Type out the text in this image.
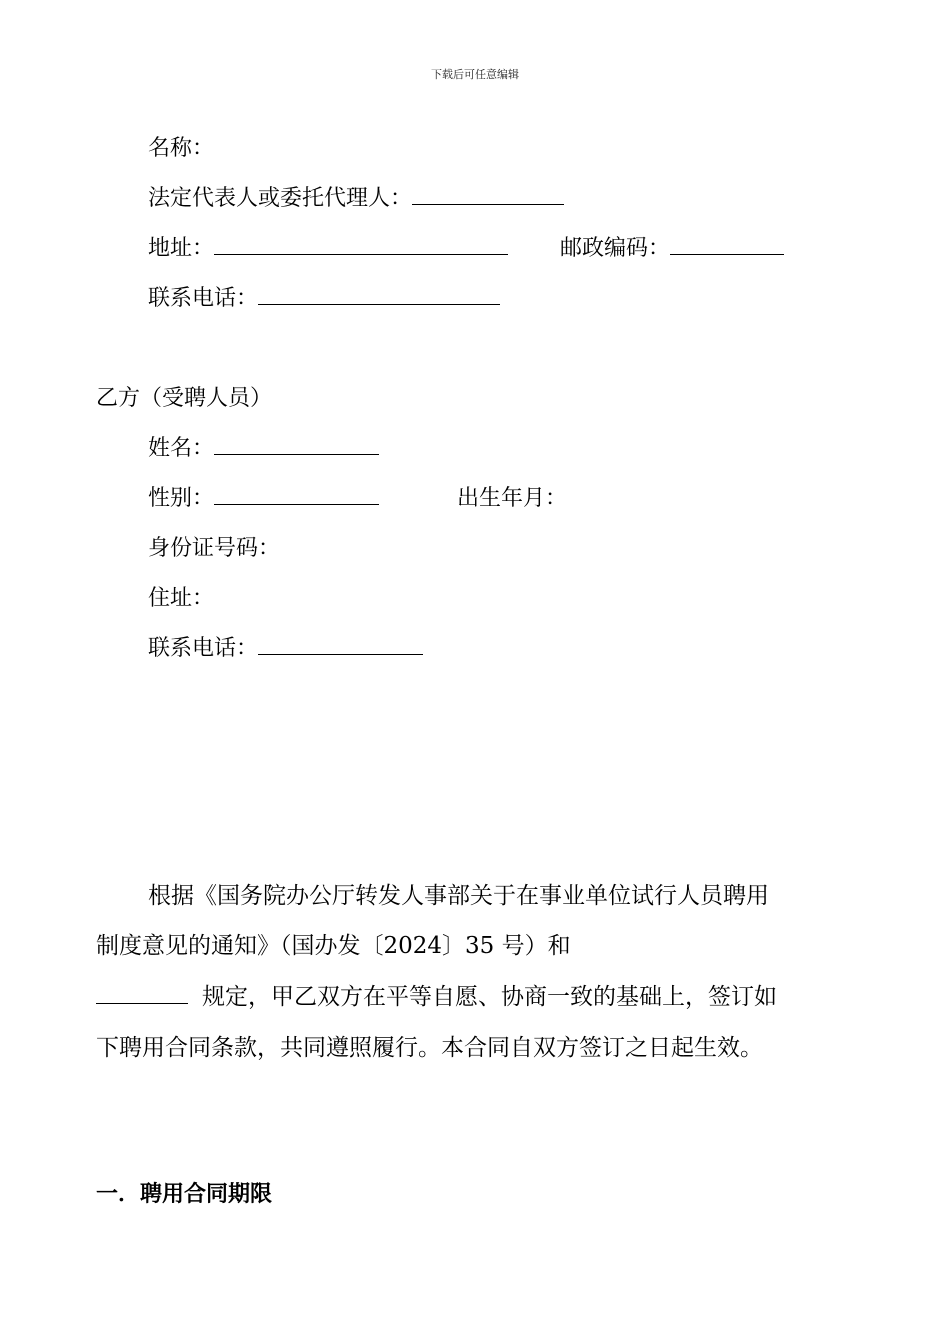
下载后可任意编辑
名称：
法定代表人或委托代理人：
地址：	邮政编码：
联系电话：
乙方（受聘人员）
姓名：
性别：	出生年月：
身份证号码：
住址：
联系电话：
根据《国务院办公厅转发人事部关于在事业单位试行人员聘用
制度意见的通知》（国办发〔2024〕35 号）和
规定，甲乙双方在平等自愿、协商一致的基础上，签订如
下聘用合同条款，共同遵照履行。本合同自双方签订之日起生效。
一．聘用合同期限
